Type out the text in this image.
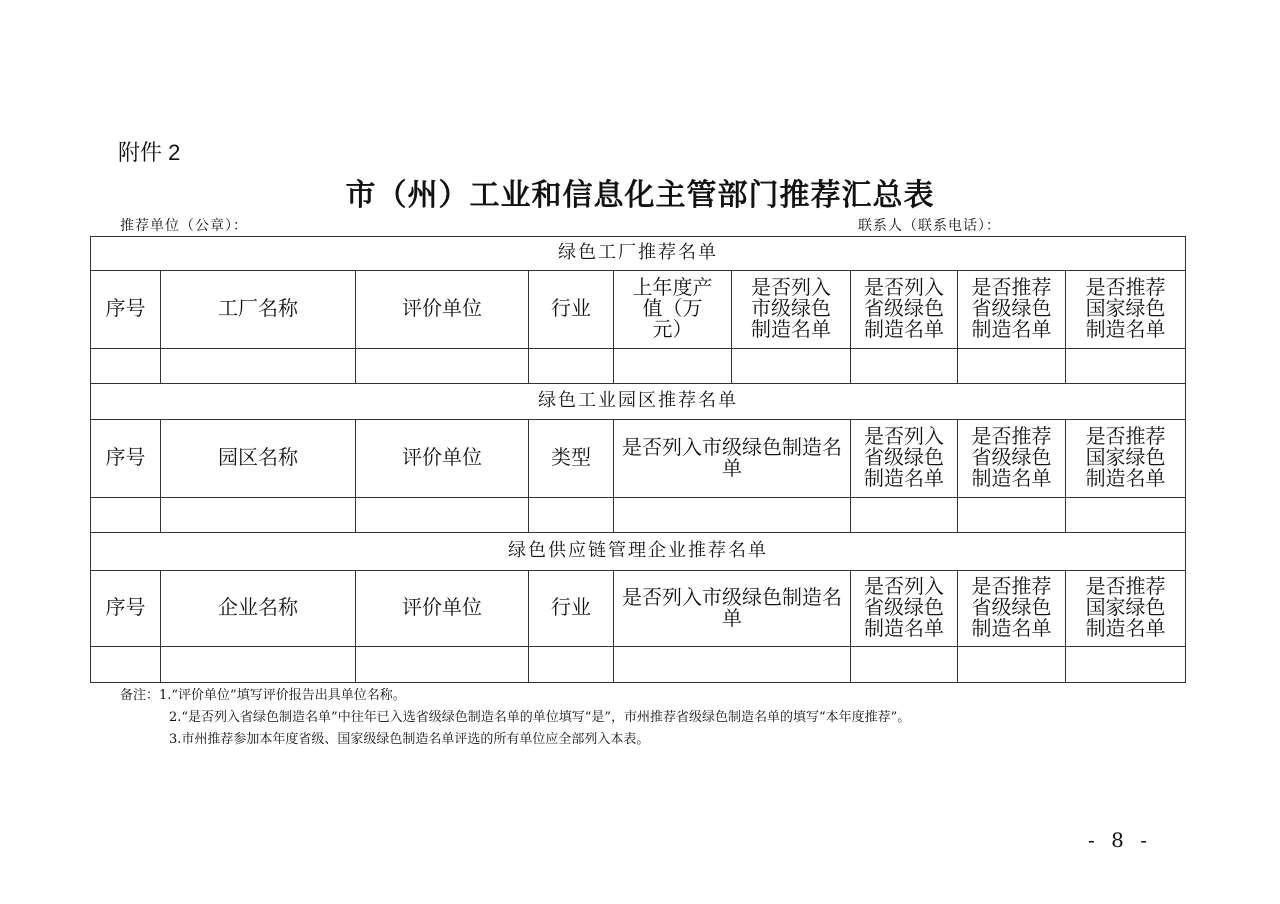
附件 2
市（州）工业和信息化主管部门推荐汇总表
推荐单位（公章）：	联系人（联系电话）：
绿色工厂推荐名单								
序号	工厂名称	评价单位	行业	上年度产值（万元）	是否列入市级绿色制造名单	是否列入省级绿色制造名单	是否推荐省级绿色制造名单	是否推荐国家绿色制造名单

绿色工业园区推荐名单								
序号	园区名称	评价单位	类型	是否列入市级绿色制造名单		是否列入省级绿色制造名单	是否推荐省级绿色制造名单	是否推荐国家绿色制造名单

绿色供应链管理企业推荐名单								
序号	企业名称	评价单位	行业	是否列入市级绿色制造名单		是否列入省级绿色制造名单	是否推荐省级绿色制造名单	是否推荐国家绿色制造名单

备注：1.“评价单位”填写评价报告出具单位名称。
2.“是否列入省绿色制造名单”中往年已入选省级绿色制造名单的单位填写“是”，市州推荐省级绿色制造名单的填写“本年度推荐”。
3.市州推荐参加本年度省级、国家级绿色制造名单评选的所有单位应全部列入本表。
- 8 -
